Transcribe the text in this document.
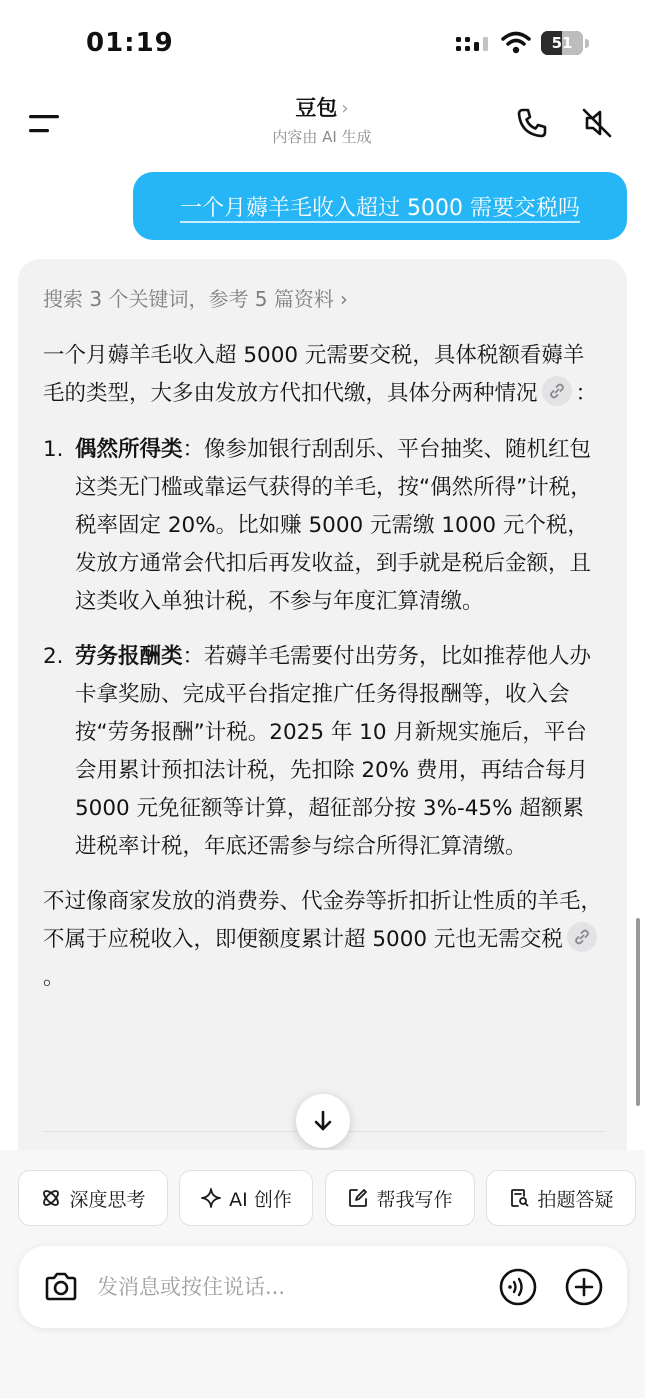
01:19	51
豆包 ›
内容由 AI 生成
一个月薅羊毛收入超过 5000 需要交税吗
搜索 3 个关键词，参考 5 篇资料 ›

一个月薅羊毛收入超 5000 元需要交税，具体税额看薅羊毛的类型，大多由发放方代扣代缴，具体分两种情况 ：

1. 偶然所得类：像参加银行刮刮乐、平台抽奖、随机红包这类无门槛或靠运气获得的羊毛，按“偶然所得”计税，税率固定 20%。比如赚 5000 元需缴 1000 元个税，发放方通常会代扣后再发收益，到手就是税后金额，且这类收入单独计税，不参与年度汇算清缴。
2. 劳务报酬类：若薅羊毛需要付出劳务，比如推荐他人办卡拿奖励、完成平台指定推广任务得报酬等，收入会按“劳务报酬”计税。2025 年 10 月新规实施后，平台会用累计预扣法计税，先扣除 20% 费用，再结合每月 5000 元免征额等计算，超征部分按 3%-45% 超额累进税率计税，年底还需参与综合所得汇算清缴。

不过像商家发放的消费券、代金券等折扣折让性质的羊毛，不属于应税收入，即便额度累计超 5000 元也无需交税
。

深度思考	AI 创作	帮我写作	拍题答疑
发消息或按住说话...
